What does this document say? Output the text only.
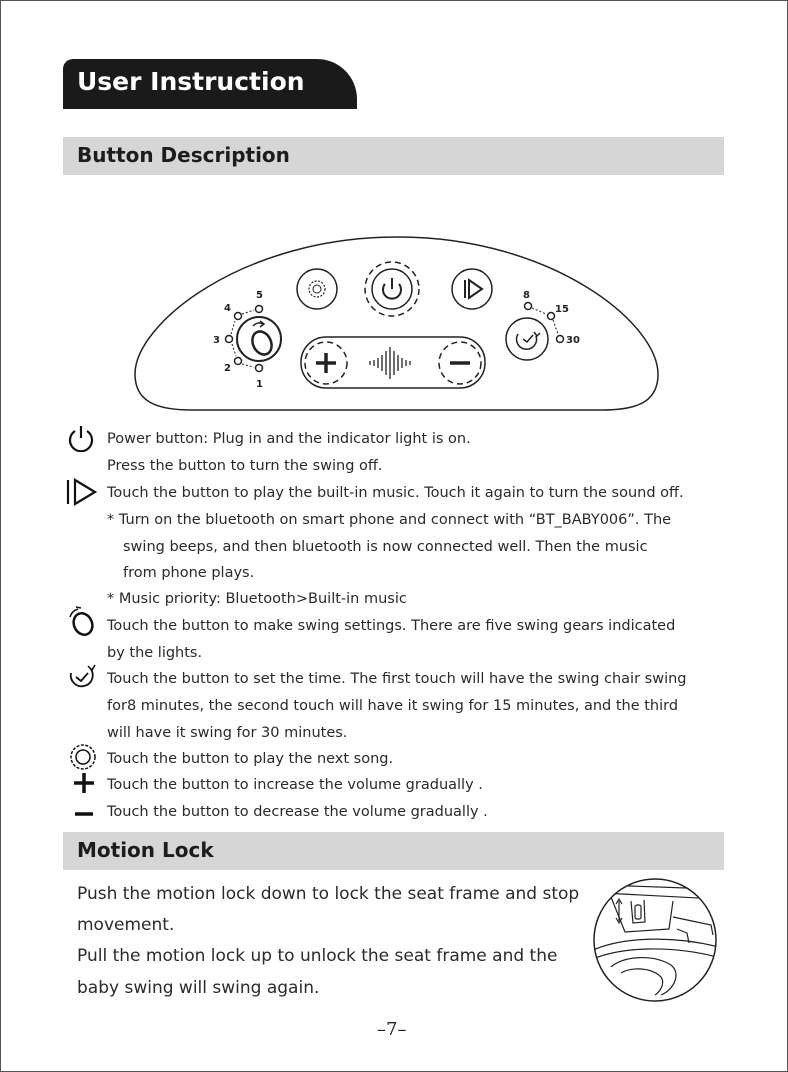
User Instruction
Button Description
5
4
3
2
1
8
15
30
Power button: Plug in and the indicator light is on.
Press the button to turn the swing off.
Touch the button to play the built-in music. Touch it again to turn the sound off.
* Turn on the bluetooth on smart phone and connect with “BT_BABY006”. The
swing beeps, and then bluetooth is now connected well. Then the music
from phone plays.
* Music priority: Bluetooth>Built-in music
Touch the button to make swing settings. There are five swing gears indicated
by the lights.
Touch the button to set the time. The first touch will have the swing chair swing
for8 minutes, the second touch will have it swing for 15 minutes, and the third
will have it swing for 30 minutes.
Touch the button to play the next song.
Touch the button to increase the volume gradually .
Touch the button to decrease the volume gradually .
Motion Lock
Push the motion lock down to lock the seat frame and stop
movement.
Pull the motion lock up to unlock the seat frame and the
baby swing will swing again.
–7–
